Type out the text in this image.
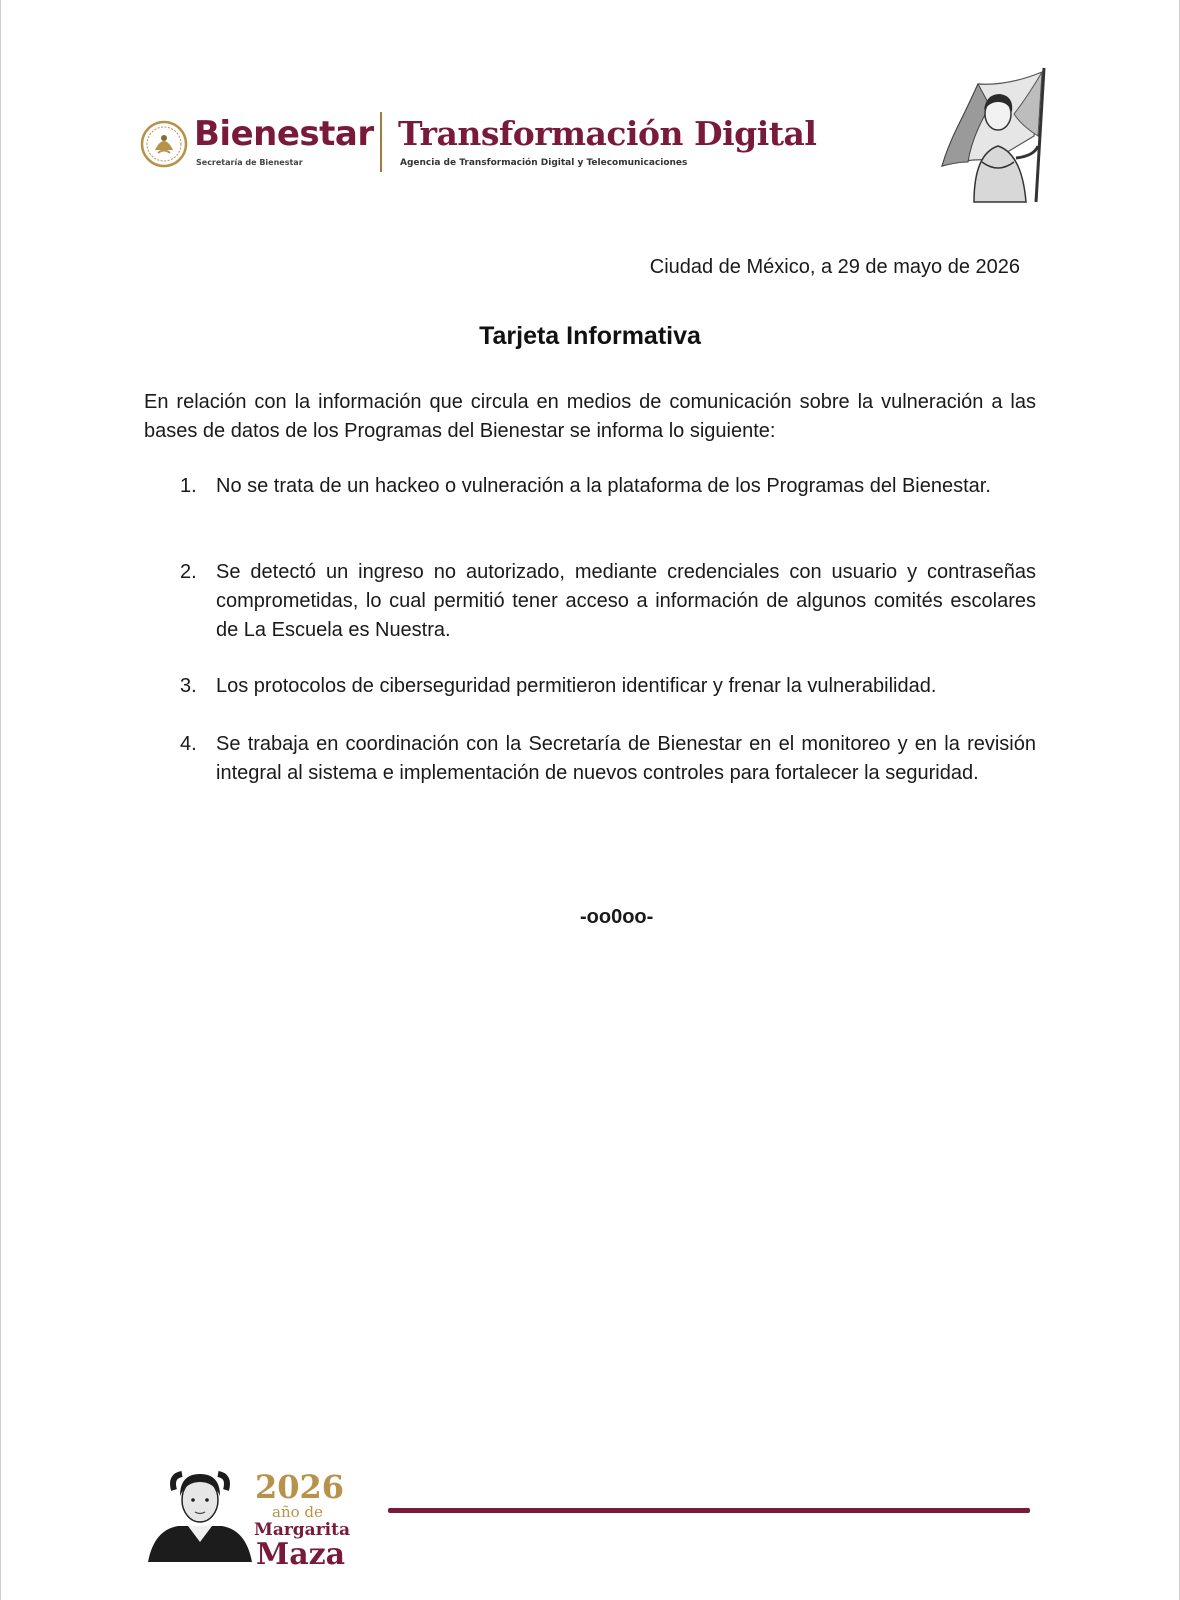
Bienestar
Secretaría de Bienestar
Transformación Digital
Agencia de Transformación Digital y Telecomunicaciones
Ciudad de México, a 29 de mayo de 2026
Tarjeta Informativa
En relación con la información que circula en medios de comunicación sobre la vulneración a las bases de datos de los Programas del Bienestar se informa lo siguiente:
1. No se trata de un hackeo o vulneración a la plataforma de los Programas del Bienestar.
2. Se detectó un ingreso no autorizado, mediante credenciales con usuario y contraseñas comprometidas, lo cual permitió tener acceso a información de algunos comités escolares de La Escuela es Nuestra.
3. Los protocolos de ciberseguridad permitieron identificar y frenar la vulnerabilidad.
4. Se trabaja en coordinación con la Secretaría de Bienestar en el monitoreo y en la revisión integral al sistema e implementación de nuevos controles para fortalecer la seguridad.
-oo0oo-
2026
año de
Margarita
Maza
